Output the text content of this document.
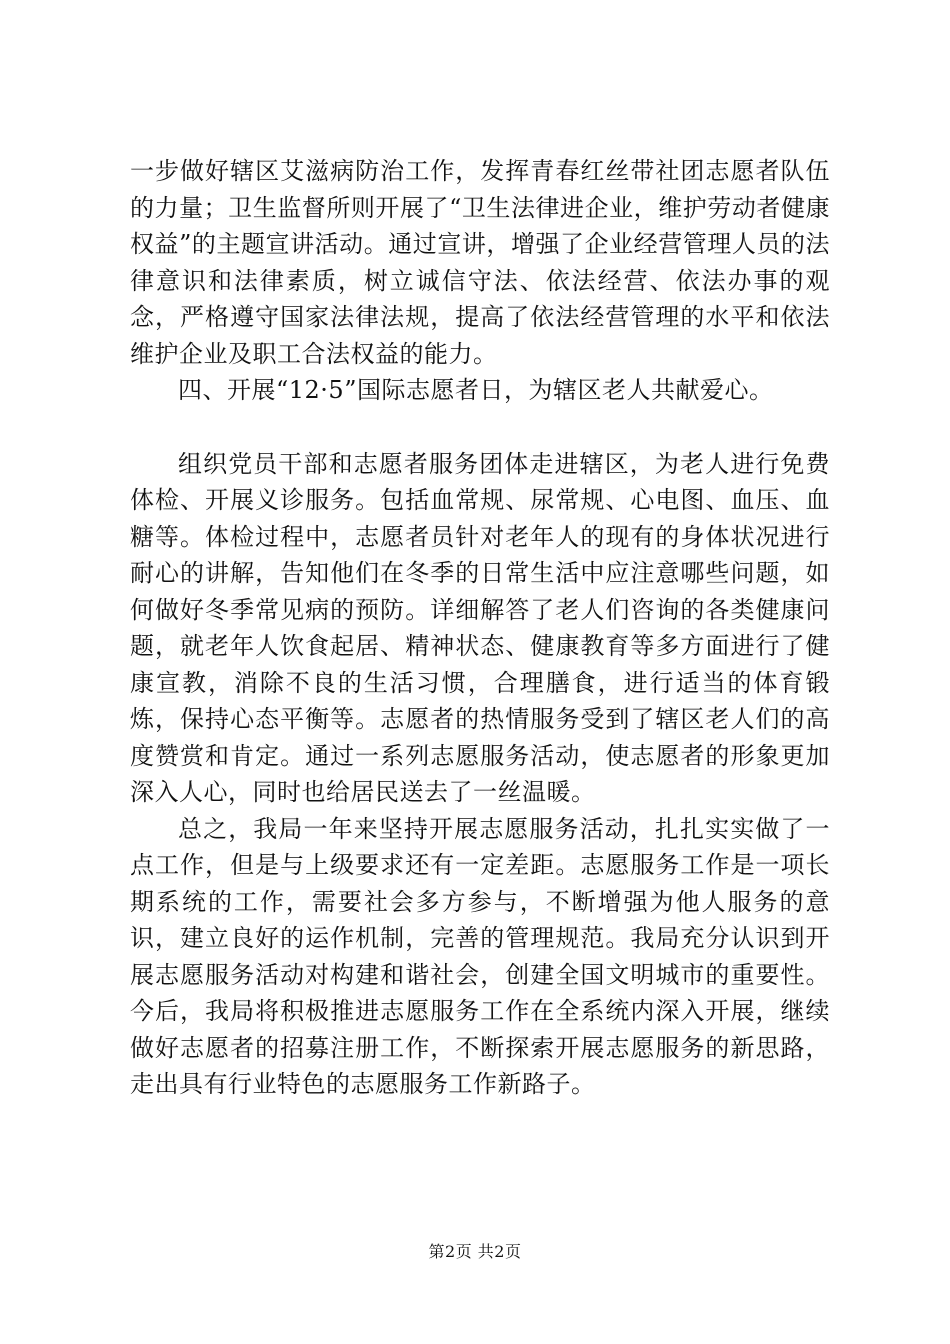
一步做好辖区艾滋病防治工作，发挥青春红丝带社团志愿者队伍的力量；卫生监督所则开展了“卫生法律进企业，维护劳动者健康权益”的主题宣讲活动。通过宣讲，增强了企业经营管理人员的法律意识和法律素质，树立诚信守法、依法经营、依法办事的观念，严格遵守国家法律法规，提高了依法经营管理的水平和依法维护企业及职工合法权益的能力。

四、开展“12·5”国际志愿者日，为辖区老人共献爱心。

组织党员干部和志愿者服务团体走进辖区，为老人进行免费体检、开展义诊服务。包括血常规、尿常规、心电图、血压、血糖等。体检过程中，志愿者员针对老年人的现有的身体状况进行耐心的讲解，告知他们在冬季的日常生活中应注意哪些问题，如何做好冬季常见病的预防。详细解答了老人们咨询的各类健康问题，就老年人饮食起居、精神状态、健康教育等多方面进行了健康宣教，消除不良的生活习惯，合理膳食，进行适当的体育锻炼，保持心态平衡等。志愿者的热情服务受到了辖区老人们的高度赞赏和肯定。通过一系列志愿服务活动，使志愿者的形象更加深入人心，同时也给居民送去了一丝温暖。

总之，我局一年来坚持开展志愿服务活动，扎扎实实做了一点工作，但是与上级要求还有一定差距。志愿服务工作是一项长期系统的工作，需要社会多方参与，不断增强为他人服务的意识，建立良好的运作机制，完善的管理规范。我局充分认识到开展志愿服务活动对构建和谐社会，创建全国文明城市的重要性。今后，我局将积极推进志愿服务工作在全系统内深入开展，继续做好志愿者的招募注册工作，不断探索开展志愿服务的新思路，走出具有行业特色的志愿服务工作新路子。

第2页 共2页
